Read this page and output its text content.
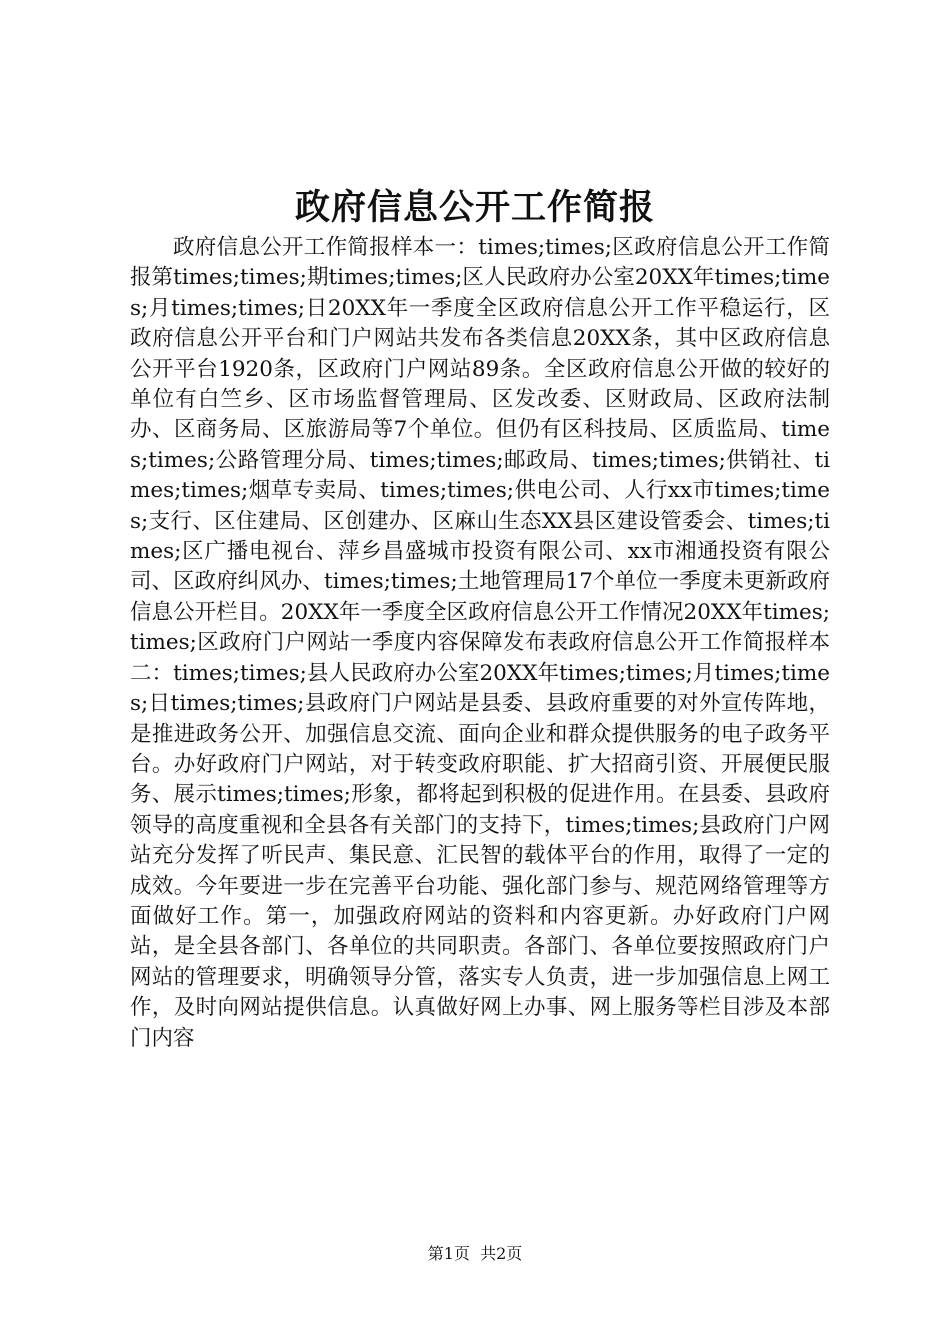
政府信息公开工作简报

政府信息公开工作简报样本一：times;times;区政府信息公开工作简报第times;times;期times;times;区人民政府办公室20XX年times;times;月times;times;日20XX年一季度全区政府信息公开工作平稳运行，区政府信息公开平台和门户网站共发布各类信息20XX条，其中区政府信息公开平台1920条，区政府门户网站89条。全区政府信息公开做的较好的单位有白竺乡、区市场监督管理局、区发改委、区财政局、区政府法制办、区商务局、区旅游局等7个单位。但仍有区科技局、区质监局、times;times;公路管理分局、times;times;邮政局、times;times;供销社、times;times;烟草专卖局、times;times;供电公司、人行xx市times;times;支行、区住建局、区创建办、区麻山生态XX县区建设管委会、times;times;区广播电视台、萍乡昌盛城市投资有限公司、xx市湘通投资有限公司、区政府纠风办、times;times;土地管理局17个单位一季度未更新政府信息公开栏目。20XX年一季度全区政府信息公开工作情况20XX年times;times;区政府门户网站一季度内容保障发布表政府信息公开工作简报样本二：times;times;县人民政府办公室20XX年times;times;月times;times;日times;times;县政府门户网站是县委、县政府重要的对外宣传阵地，是推进政务公开、加强信息交流、面向企业和群众提供服务的电子政务平台。办好政府门户网站，对于转变政府职能、扩大招商引资、开展便民服务、展示times;times;形象，都将起到积极的促进作用。在县委、县政府领导的高度重视和全县各有关部门的支持下，times;times;县政府门户网站充分发挥了听民声、集民意、汇民智的载体平台的作用，取得了一定的成效。今年要进一步在完善平台功能、强化部门参与、规范网络管理等方面做好工作。第一，加强政府网站的资料和内容更新。办好政府门户网站，是全县各部门、各单位的共同职责。各部门、各单位要按照政府门户网站的管理要求，明确领导分管，落实专人负责，进一步加强信息上网工作，及时向网站提供信息。认真做好网上办事、网上服务等栏目涉及本部门内容

第1页 共2页
